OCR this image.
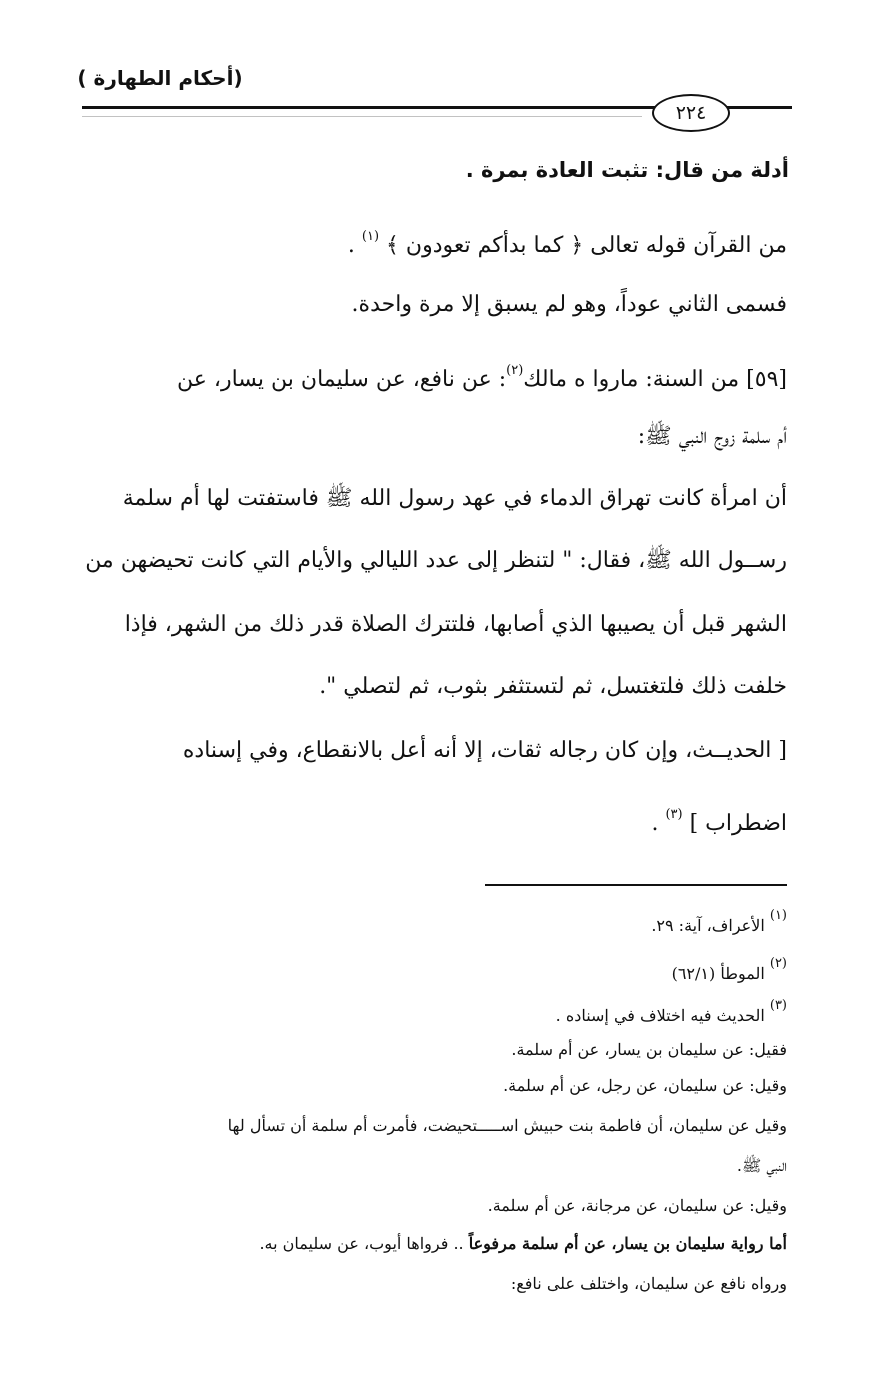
(أحكام الطهارة )
٢٢٤
أدلة من قال: تثبت العادة بمرة .
من القرآن قوله تعالى ﴿ كما بدأكم تعودون ﴾ $^{(١)}$ .
فسمى الثاني عوداً، وهو لم يسبق إلا مرة واحدة.
[٥٩] من السنة: ماروا ه مالك$^{(٢)}$: عن نافع، عن سليمان بن يسار، عن
أم سلمة زوج النبي ﷺ:
أن امرأة كانت تهراق الدماء في عهد رسول الله ﷺ فاستفتت لها أم سلمة
رســول الله ﷺ، فقال: " لتنظر إلى عدد الليالي والأيام التي كانت تحيضهن من
الشهر قبل أن يصيبها الذي أصابها، فلتترك الصلاة قدر ذلك من الشهر، فإذا
خلفت ذلك فلتغتسل، ثم لتستثفر بثوب، ثم لتصلي ".
[ الحديــث، وإن كان رجاله ثقات، إلا أنه أعل بالانقطاع، وفي إسناده
اضطراب ] $^{(٣)}$ .
$^{(١)}$ الأعراف، آية: ٢٩.
$^{(٢)}$ الموطأ (٦٢/١)
$^{(٣)}$ الحديث فيه اختلاف في إسناده .
فقيل: عن سليمان بن يسار، عن أم سلمة.
وقيل: عن سليمان، عن رجل، عن أم سلمة.
وقيل عن سليمان، أن فاطمة بنت حبيش اســـــتحيضت، فأمرت أم سلمة أن تسأل لها
النبي ﷺ.
وقيل: عن سليمان، عن مرجانة، عن أم سلمة.
أما رواية سليمان بن يسار، عن أم سلمة مرفوعاً .. فرواها أيوب، عن سليمان به.
ورواه نافع عن سليمان، واختلف على نافع:
